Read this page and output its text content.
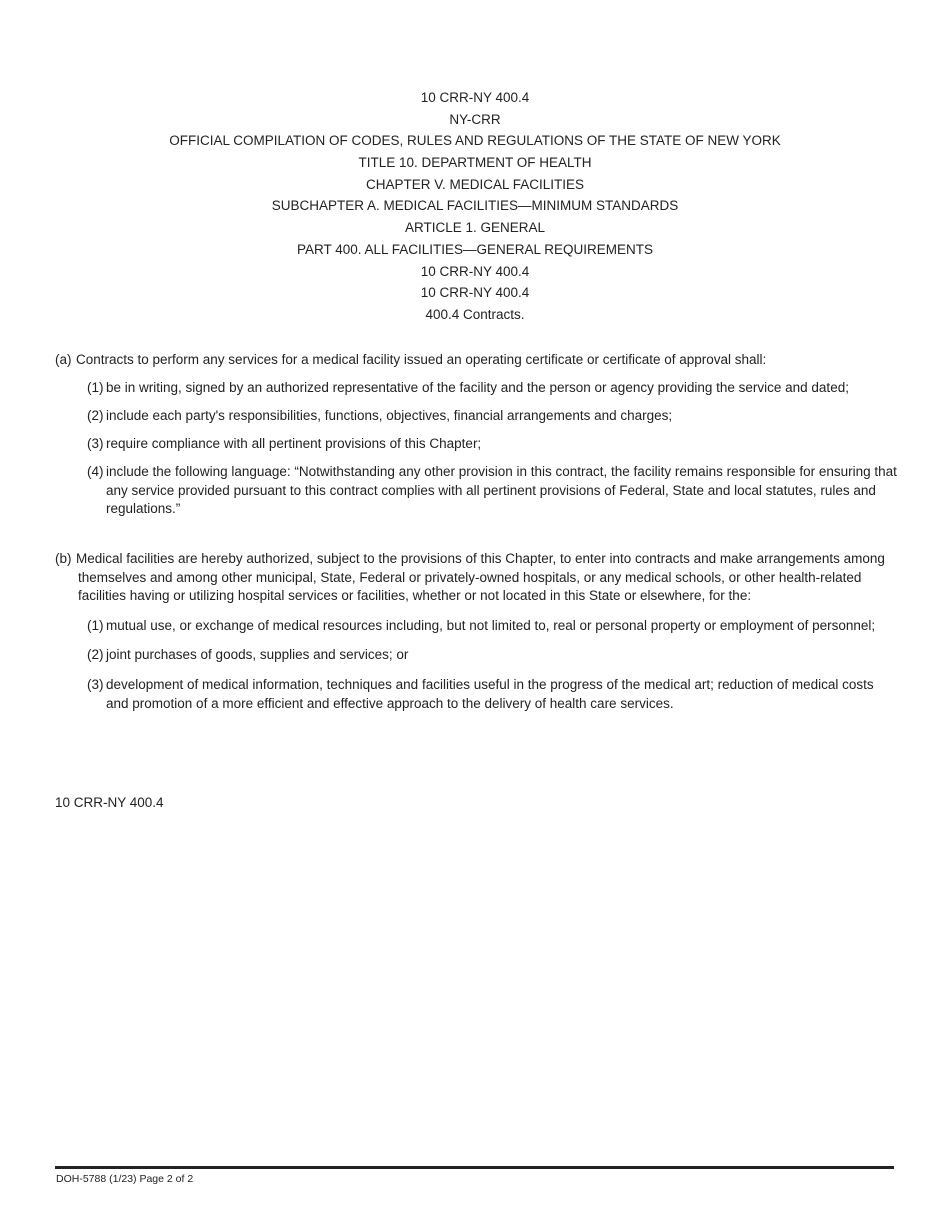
10 CRR-NY 400.4
NY-CRR
OFFICIAL COMPILATION OF CODES, RULES AND REGULATIONS OF THE STATE OF NEW YORK
TITLE 10. DEPARTMENT OF HEALTH
CHAPTER V. MEDICAL FACILITIES
SUBCHAPTER A. MEDICAL FACILITIES—MINIMUM STANDARDS
ARTICLE 1. GENERAL
PART 400. ALL FACILITIES—GENERAL REQUIREMENTS
10 CRR-NY 400.4
10 CRR-NY 400.4
400.4 Contracts.
(a) Contracts to perform any services for a medical facility issued an operating certificate or certificate of approval shall:
(1) be in writing, signed by an authorized representative of the facility and the person or agency providing the service and dated;
(2) include each party's responsibilities, functions, objectives, financial arrangements and charges;
(3) require compliance with all pertinent provisions of this Chapter;
(4) include the following language: “Notwithstanding any other provision in this contract, the facility remains responsible for ensuring that any service provided pursuant to this contract complies with all pertinent provisions of Federal, State and local statutes, rules and regulations.”
(b) Medical facilities are hereby authorized, subject to the provisions of this Chapter, to enter into contracts and make arrangements among themselves and among other municipal, State, Federal or privately-owned hospitals, or any medical schools, or other health-related facilities having or utilizing hospital services or facilities, whether or not located in this State or elsewhere, for the:
(1) mutual use, or exchange of medical resources including, but not limited to, real or personal property or employment of personnel;
(2) joint purchases of goods, supplies and services; or
(3) development of medical information, techniques and facilities useful in the progress of the medical art; reduction of medical costs and promotion of a more efficient and effective approach to the delivery of health care services.
10 CRR-NY 400.4
DOH-5788 (1/23) Page 2 of 2
